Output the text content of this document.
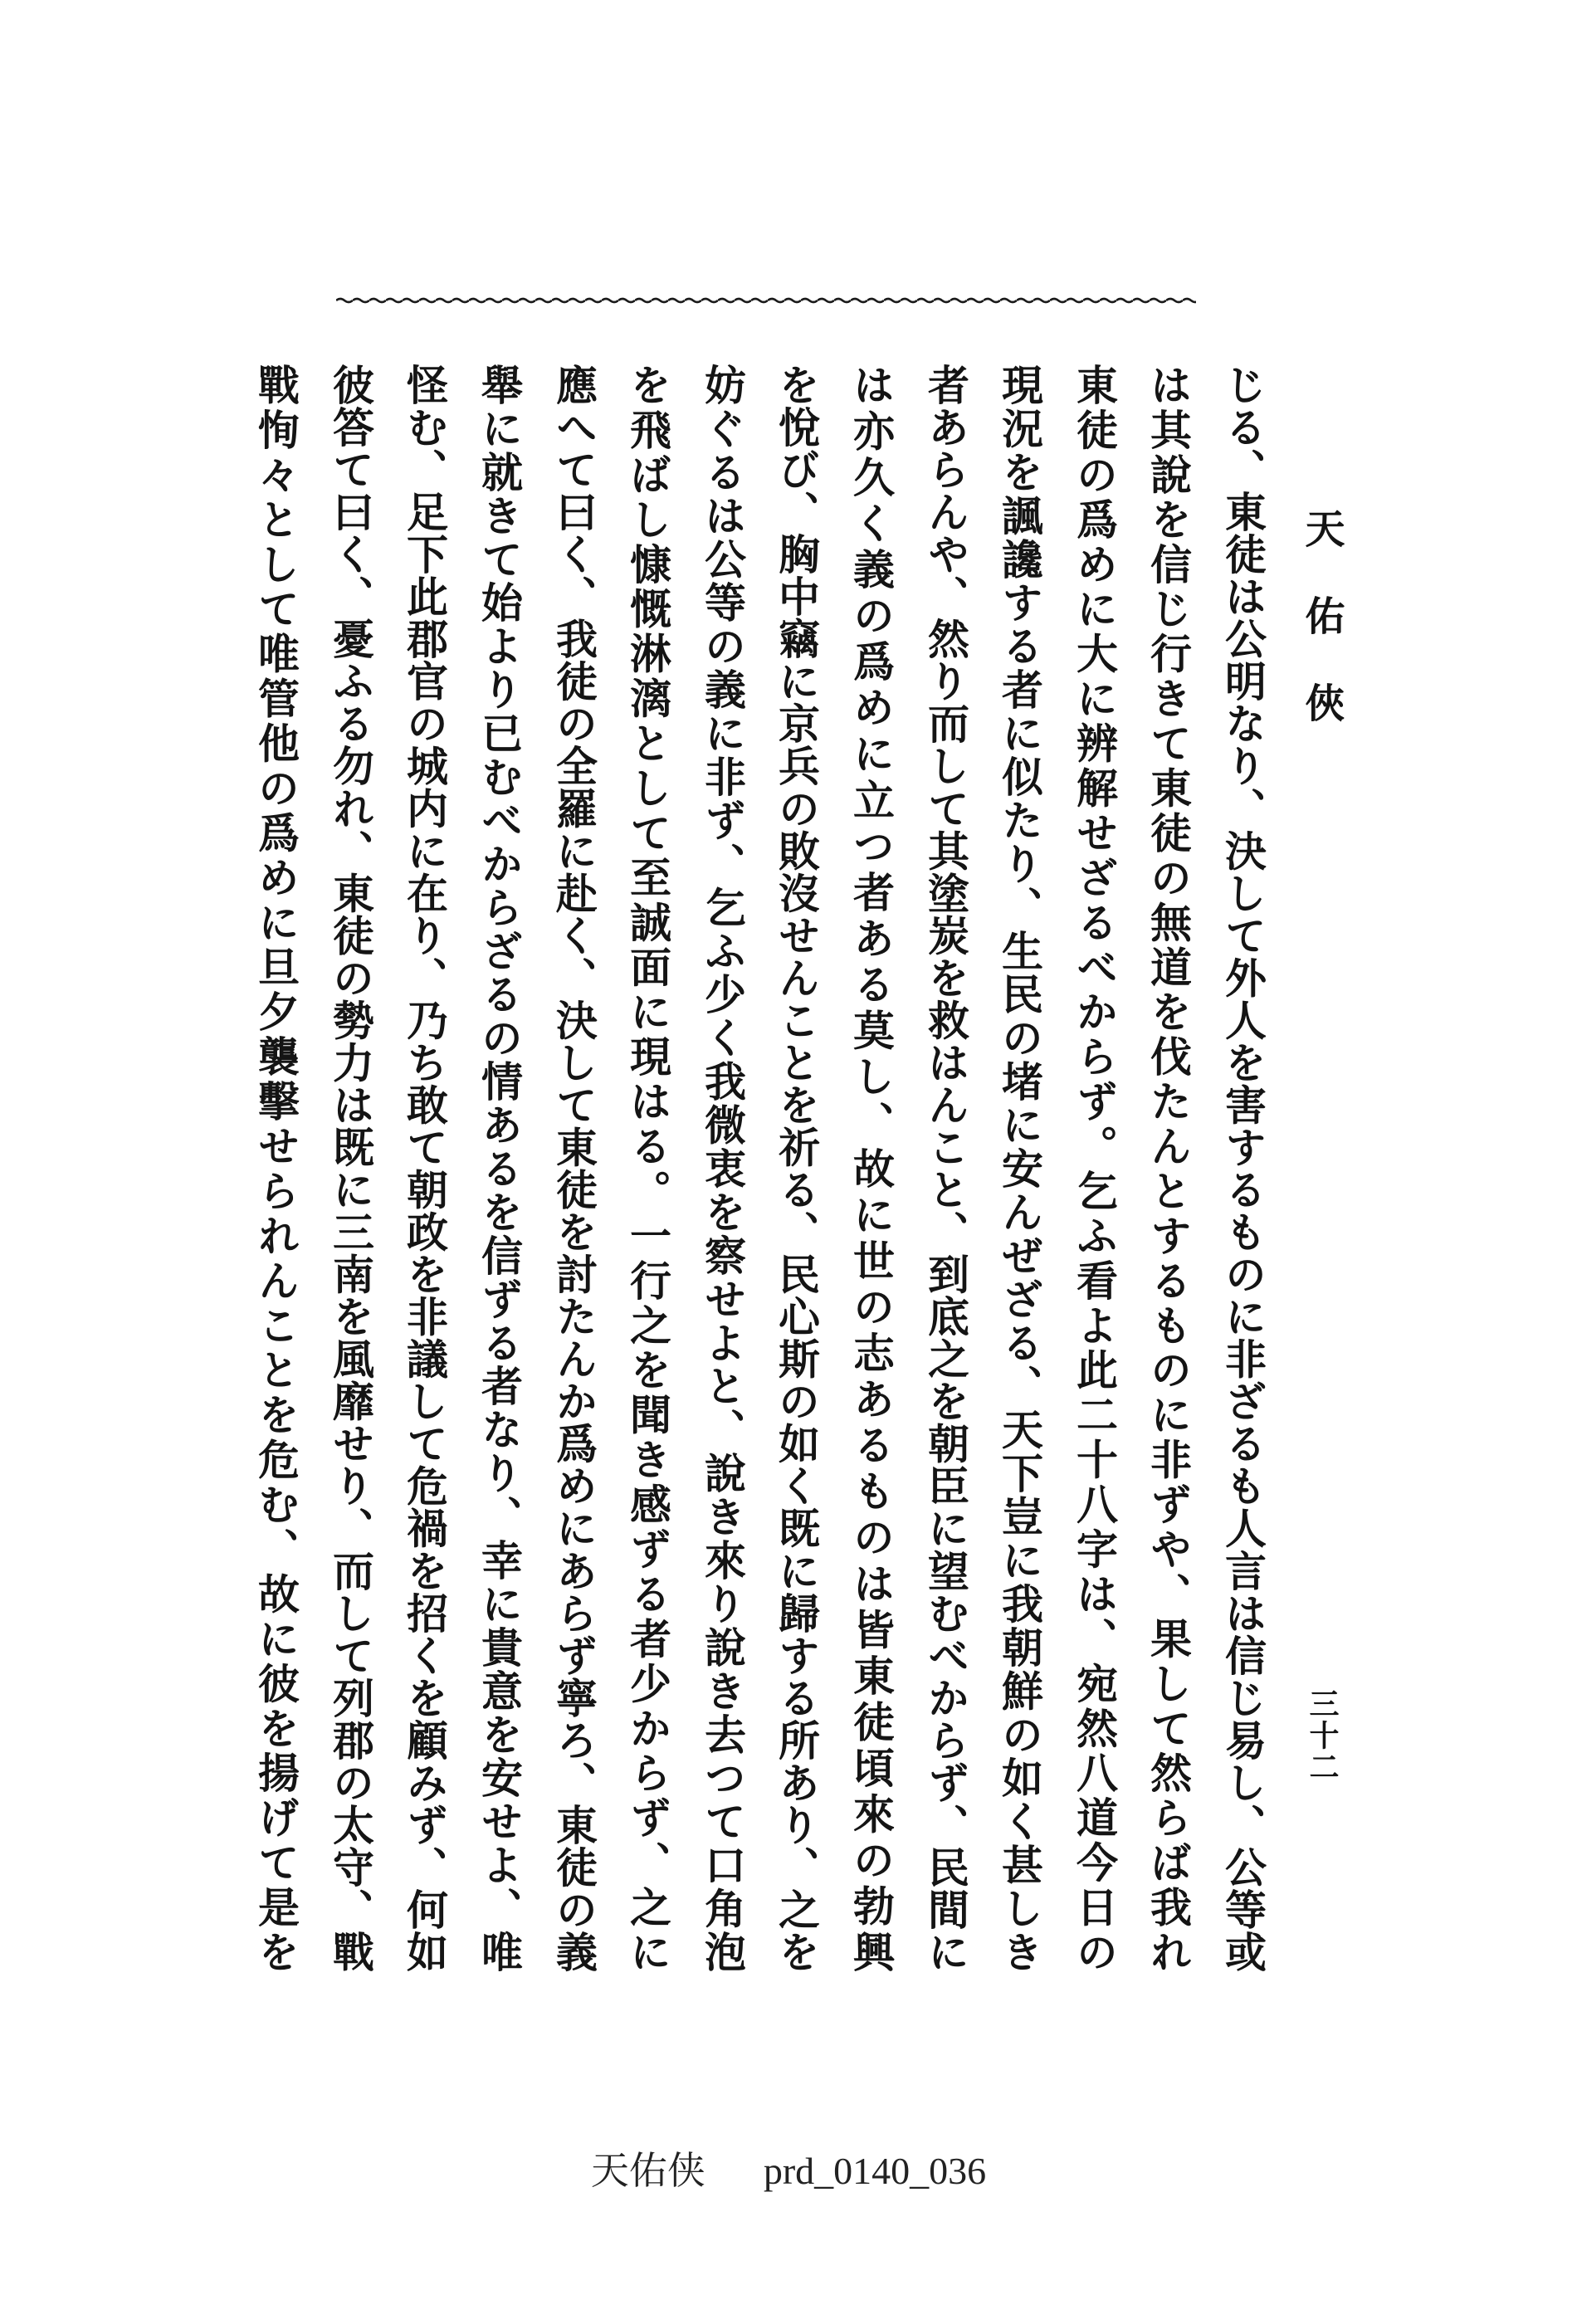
天佑俠
三十二
じる、東徒は公明なり、決して外人を害するものに非ざるも人言は信じ易し、公等或
は其說を信じ行きて東徒の無道を伐たんとするものに非ずや、果して然らば我れ
東徒の爲めに大に辨解せざるべからず。乞ふ看よ此二十八字は、宛然八道今日の
現況を諷讒する者に似たり、生民の堵に安んぜざる、天下豈に我朝鮮の如く甚しき
者あらんや、然り而して其塗炭を救はんこと、到底之を朝臣に望むべからず、民間に
は亦久く義の爲めに立つ者ある莫し、故に世の志あるものは皆東徒頃來の勃興
を悅び、胸中竊に京兵の敗沒せんことを祈る、民心斯の如く既に歸する所あり、之を
妨ぐるは公等の義に非ず、乞ふ少く我微衷を察せよと、說き來り說き去つて口角泡
を飛ばし慷慨淋漓として至誠面に現はる。一行之を聞き感ずる者少からず、之に
應へて曰く、我徒の全羅に赴く、決して東徒を討たんか爲めにあらず寧ろ、東徒の義
舉に就きて始より已むべからざるの情あるを信ずる者なり、幸に貴意を安せよ、唯
怪む、足下此郡官の城内に在り、乃ち敢て朝政を非議して危禍を招くを顧みず、何如
彼答て曰く、憂ふる勿れ、東徒の勢力は既に三南を風靡せり、而して列郡の太守、戰
戰恂々として唯管他の爲めに旦夕襲擊せられんことを危む、故に彼を揚げて是を
天佑侠 prd_0140_036
